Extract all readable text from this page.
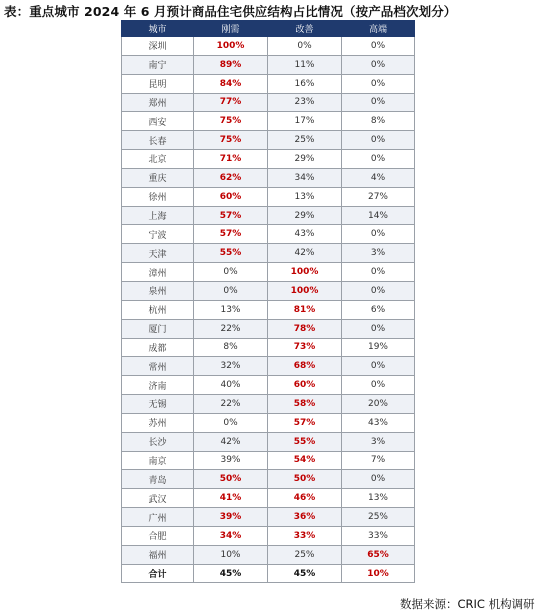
表：重点城市 2024 年 6 月预计商品住宅供应结构占比情况（按产品档次划分）
城市	刚需	改善	高端
深圳	100%	0%	0%
南宁	89%	11%	0%
昆明	84%	16%	0%
郑州	77%	23%	0%
西安	75%	17%	8%
长春	75%	25%	0%
北京	71%	29%	0%
重庆	62%	34%	4%
徐州	60%	13%	27%
上海	57%	29%	14%
宁波	57%	43%	0%
天津	55%	42%	3%
漳州	0%	100%	0%
泉州	0%	100%	0%
杭州	13%	81%	6%
厦门	22%	78%	0%
成都	8%	73%	19%
常州	32%	68%	0%
济南	40%	60%	0%
无锡	22%	58%	20%
苏州	0%	57%	43%
长沙	42%	55%	3%
南京	39%	54%	7%
青岛	50%	50%	0%
武汉	41%	46%	13%
广州	39%	36%	25%
合肥	34%	33%	33%
福州	10%	25%	65%
合计	45%	45%	10%
数据来源：CRIC 机构调研
